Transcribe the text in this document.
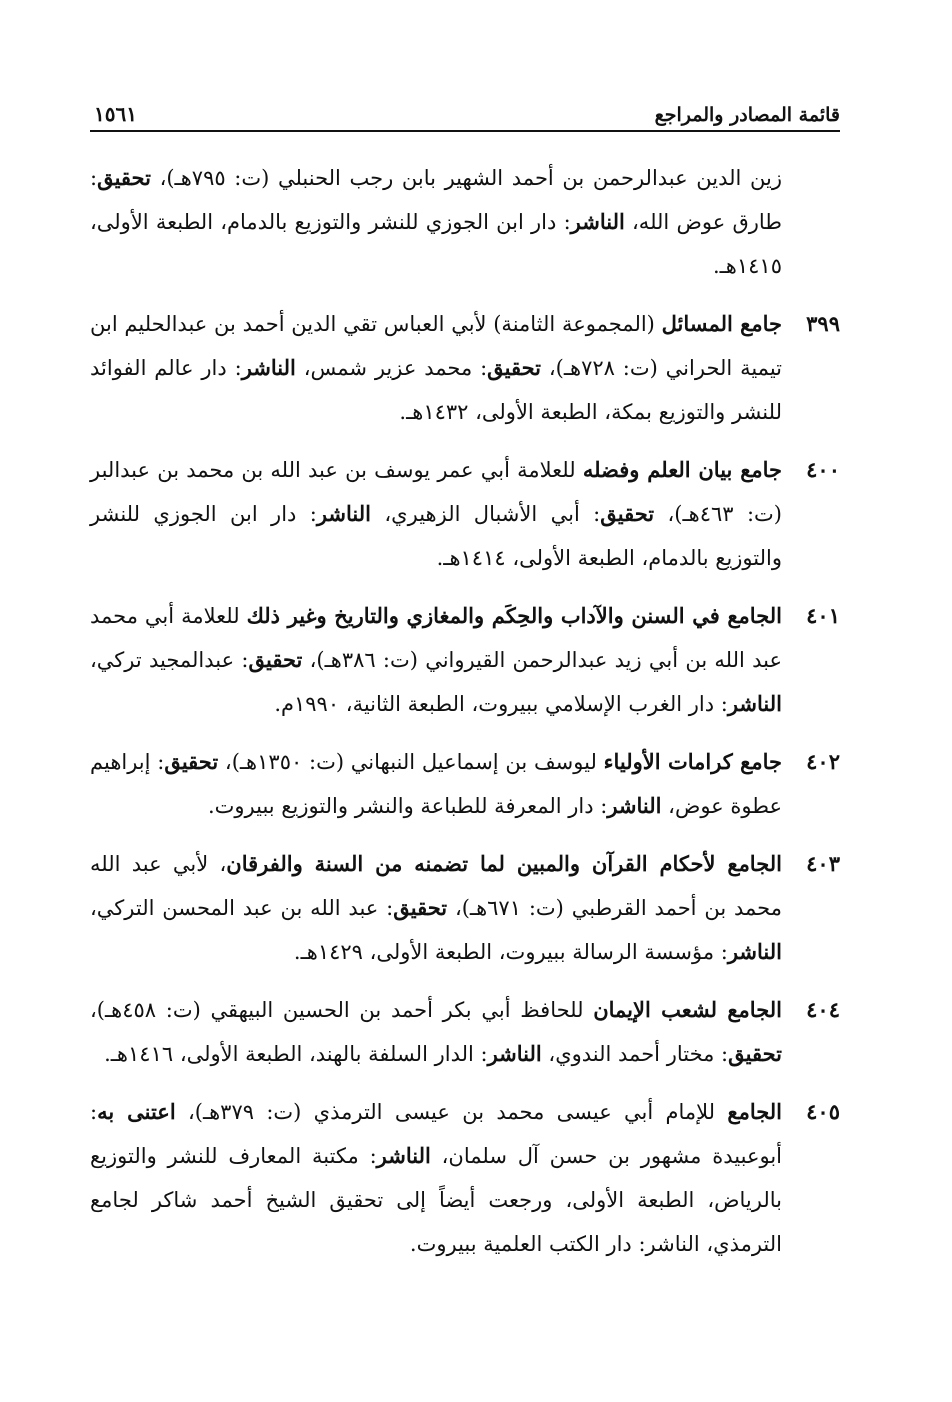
قائمة المصادر والمراجع
١٥٦١
زين الدين عبدالرحمن بن أحمد الشهير بابن رجب الحنبلي (ت: ٧٩٥هـ)، تحقيق: طارق عوض الله، الناشر: دار ابن الجوزي للنشر والتوزيع بالدمام، الطبعة الأولى، ١٤١٥هـ.
٣٩٩
جامع المسائل (المجموعة الثامنة) لأبي العباس تقي الدين أحمد بن عبدالحليم ابن تيمية الحراني (ت: ٧٢٨هـ)، تحقيق: محمد عزير شمس، الناشر: دار عالم الفوائد للنشر والتوزيع بمكة، الطبعة الأولى، ١٤٣٢هـ.
٤٠٠
جامع بيان العلم وفضله للعلامة أبي عمر يوسف بن عبد الله بن محمد بن عبدالبر (ت: ٤٦٣هـ)، تحقيق: أبي الأشبال الزهيري، الناشر: دار ابن الجوزي للنشر والتوزيع بالدمام، الطبعة الأولى، ١٤١٤هـ.
٤٠١
الجامع في السنن والآداب والحِكَم والمغازي والتاريخ وغير ذلك للعلامة أبي محمد عبد الله بن أبي زيد عبدالرحمن القيرواني (ت: ٣٨٦هـ)، تحقيق: عبدالمجيد تركي، الناشر: دار الغرب الإسلامي ببيروت، الطبعة الثانية، ١٩٩٠م.
٤٠٢
جامع كرامات الأولياء ليوسف بن إسماعيل النبهاني (ت: ١٣٥٠هـ)، تحقيق: إبراهيم عطوة عوض، الناشر: دار المعرفة للطباعة والنشر والتوزيع ببيروت.
٤٠٣
الجامع لأحكام القرآن والمبين لما تضمنه من السنة والفرقان، لأبي عبد الله محمد بن أحمد القرطبي (ت: ٦٧١هـ)، تحقيق: عبد الله بن عبد المحسن التركي، الناشر: مؤسسة الرسالة ببيروت، الطبعة الأولى، ١٤٢٩هـ.
٤٠٤
الجامع لشعب الإيمان للحافظ أبي بكر أحمد بن الحسين البيهقي (ت: ٤٥٨هـ)، تحقيق: مختار أحمد الندوي، الناشر: الدار السلفة بالهند، الطبعة الأولى، ١٤١٦هـ.
٤٠٥
الجامع للإمام أبي عيسى محمد بن عيسى الترمذي (ت: ٣٧٩هـ)، اعتنى به: أبوعبيدة مشهور بن حسن آل سلمان، الناشر: مكتبة المعارف للنشر والتوزيع بالرياض، الطبعة الأولى، ورجعت أيضاً إلى تحقيق الشيخ أحمد شاكر لجامع الترمذي، الناشر: دار الكتب العلمية ببيروت.
